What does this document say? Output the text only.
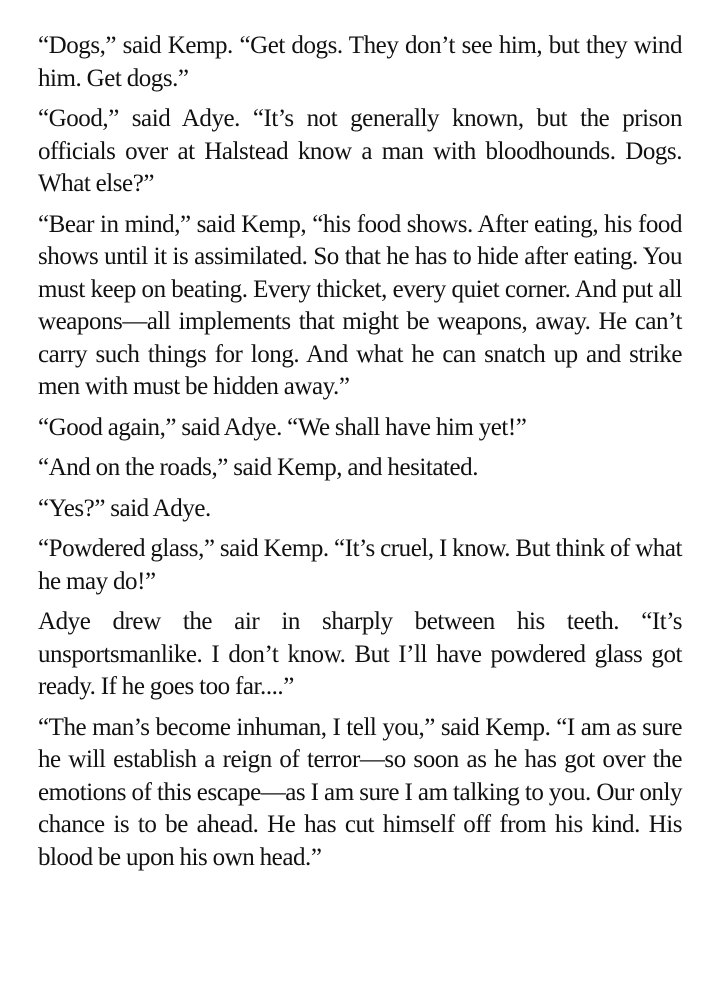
“Dogs,” said Kemp. “Get dogs. They don’t see him, but they wind him. Get dogs.”

“Good,” said Adye. “It’s not generally known, but the prison officials over at Halstead know a man with bloodhounds. Dogs. What else?”

“Bear in mind,” said Kemp, “his food shows. After eating, his food shows until it is assimilated. So that he has to hide after eating. You must keep on beating. Every thicket, every quiet corner. And put all weapons—all implements that might be weapons, away. He can’t carry such things for long. And what he can snatch up and strike men with must be hidden away.”

“Good again,” said Adye. “We shall have him yet!”

“And on the roads,” said Kemp, and hesitated.

“Yes?” said Adye.

“Powdered glass,” said Kemp. “It’s cruel, I know. But think of what he may do!”

Adye drew the air in sharply between his teeth. “It’s unsportsmanlike. I don’t know. But I’ll have powdered glass got ready. If he goes too far....”

“The man’s become inhuman, I tell you,” said Kemp. “I am as sure he will establish a reign of terror—so soon as he has got over the emotions of this escape—as I am sure I am talking to you. Our only chance is to be ahead. He has cut himself off from his kind. His blood be upon his own head.”
